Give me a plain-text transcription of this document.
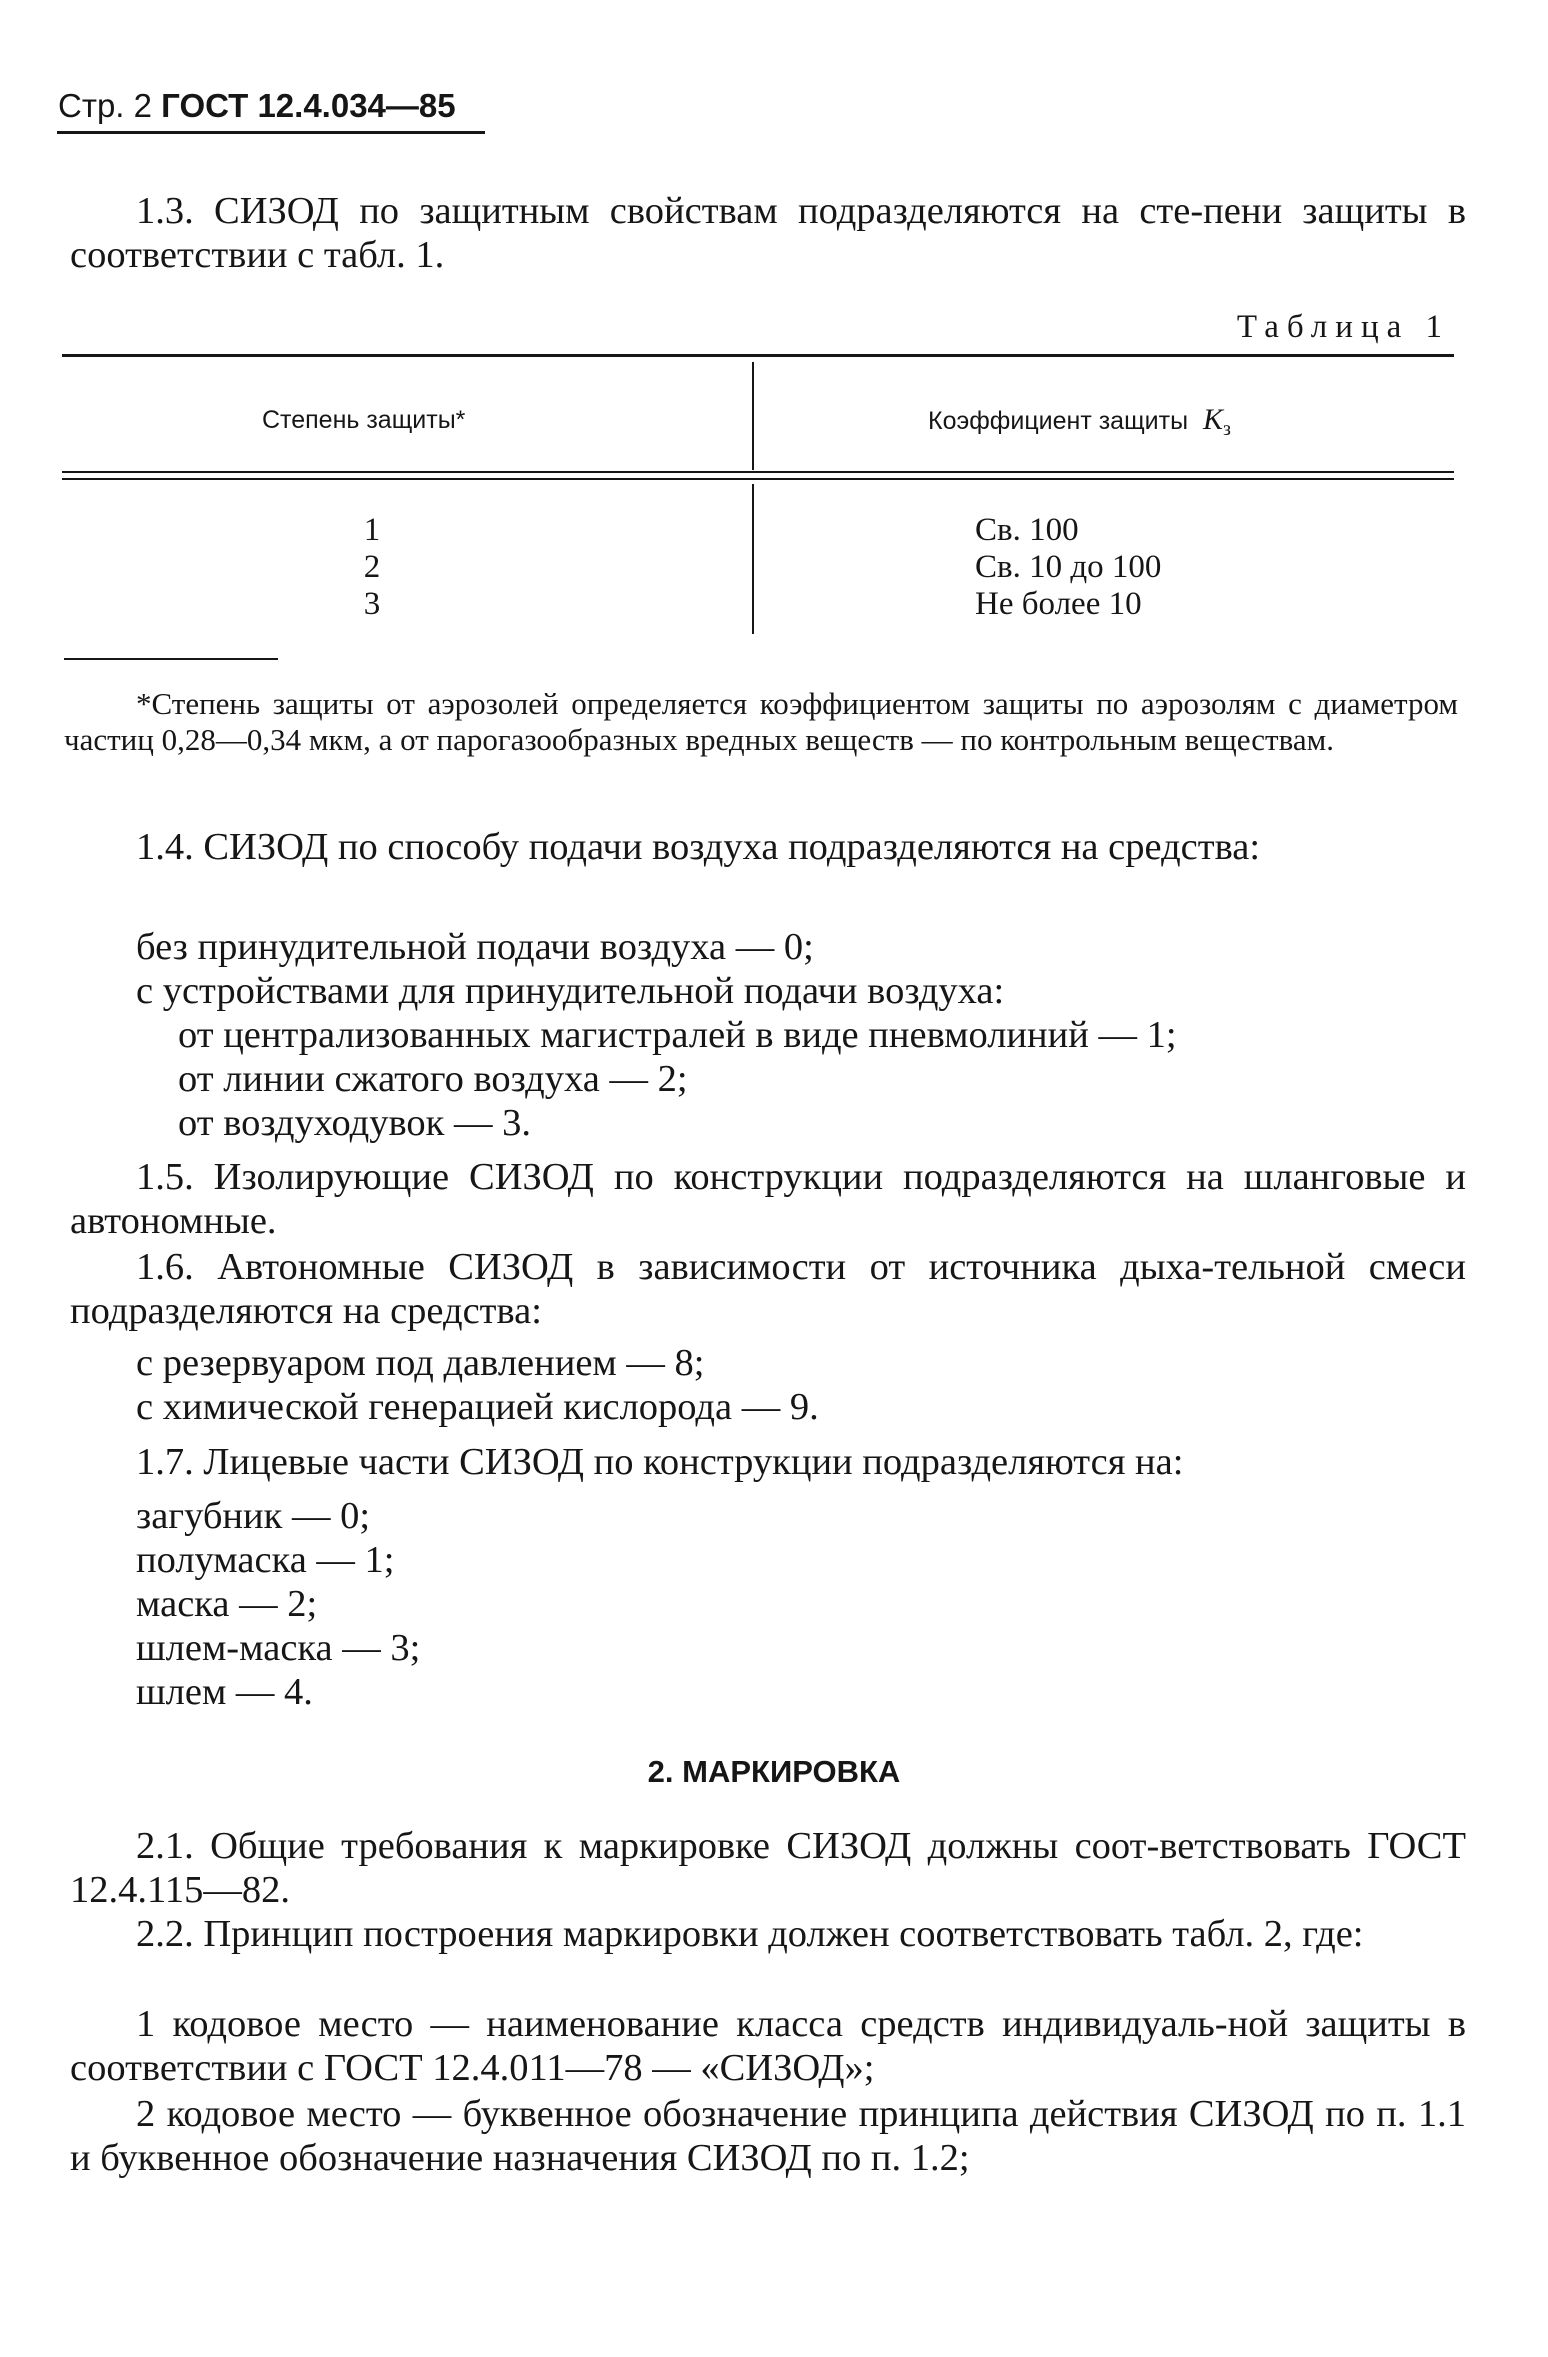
Стр. 2 ГОСТ 12.4.034—85

1.3. СИЗОД по защитным свойствам подразделяются на сте-пени защиты в соответствии с табл. 1.

Таблица 1
Степень защиты*	Коэффициент защиты $K_з$
1
2
3
Св. 100
Св. 10 до 100
Не более 10

*Степень защиты от аэрозолей определяется коэффициентом защиты по аэрозолям с диаметром частиц 0,28—0,34 мкм, а от парогазообразных вредных веществ — по контрольным веществам.

1.4. СИЗОД по способу подачи воздуха подразделяются на средства:

без принудительной подачи воздуха — 0;
с устройствами для принудительной подачи воздуха:
от централизованных магистралей в виде пневмолиний — 1;
от линии сжатого воздуха — 2;
от воздуходувок — 3.

1.5. Изолирующие СИЗОД по конструкции подразделяются на шланговые и автономные.

1.6. Автономные СИЗОД в зависимости от источника дыха-тельной смеси подразделяются на средства:

с резервуаром под давлением — 8;
с химической генерацией кислорода — 9.

1.7. Лицевые части СИЗОД по конструкции подразделяются на:

загубник — 0;
полумаска — 1;
маска — 2;
шлем-маска — 3;
шлем — 4.
2. МАРКИРОВКА

2.1. Общие требования к маркировке СИЗОД должны соот-ветствовать ГОСТ 12.4.115—82.

2.2. Принцип построения маркировки должен соответствовать табл. 2, где:

1 кодовое место — наименование класса средств индивидуаль-ной защиты в соответствии с ГОСТ 12.4.011—78 — «СИЗОД»;

2 кодовое место — буквенное обозначение принципа действия СИЗОД по п. 1.1 и буквенное обозначение назначения СИЗОД по п. 1.2;
